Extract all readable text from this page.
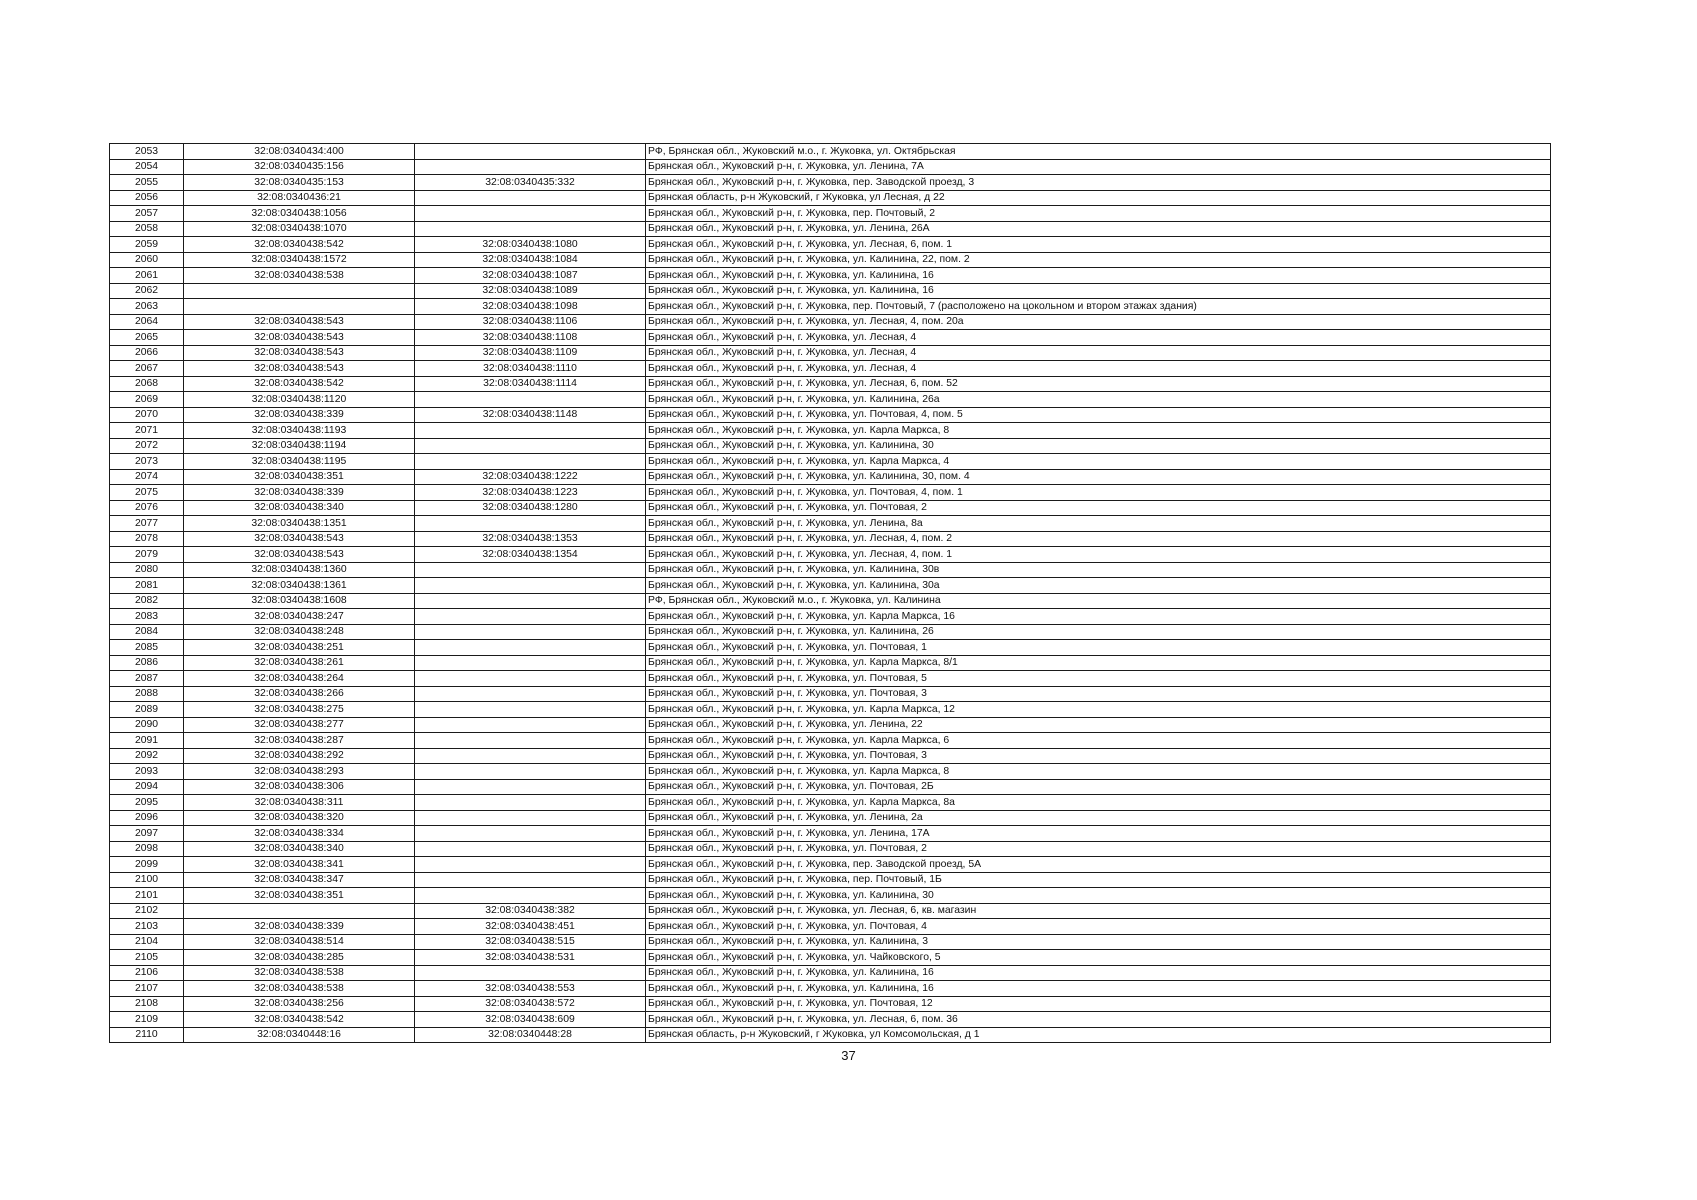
2053	32:08:0340434:400		РФ, Брянская обл., Жуковский м.о., г. Жуковка, ул. Октябрьская
2054	32:08:0340435:156		Брянская обл., Жуковский р-н, г. Жуковка, ул. Ленина, 7А
2055	32:08:0340435:153	32:08:0340435:332	Брянская обл., Жуковский р-н, г. Жуковка, пер. Заводской проезд, 3
2056	32:08:0340436:21		Брянская область, р-н Жуковский, г Жуковка, ул Лесная, д 22
2057	32:08:0340438:1056		Брянская обл., Жуковский р-н, г. Жуковка, пер. Почтовый, 2
2058	32:08:0340438:1070		Брянская обл., Жуковский р-н, г. Жуковка, ул. Ленина, 26А
2059	32:08:0340438:542	32:08:0340438:1080	Брянская обл., Жуковский р-н, г. Жуковка, ул. Лесная, 6, пом. 1
2060	32:08:0340438:1572	32:08:0340438:1084	Брянская обл., Жуковский р-н, г. Жуковка, ул. Калинина, 22, пом. 2
2061	32:08:0340438:538	32:08:0340438:1087	Брянская обл., Жуковский р-н, г. Жуковка, ул. Калинина, 16
2062		32:08:0340438:1089	Брянская обл., Жуковский р-н, г. Жуковка, ул. Калинина, 16
2063		32:08:0340438:1098	Брянская обл., Жуковский р-н, г. Жуковка, пер. Почтовый, 7 (расположено на цокольном и втором этажах здания)
2064	32:08:0340438:543	32:08:0340438:1106	Брянская обл., Жуковский р-н, г. Жуковка, ул. Лесная, 4, пом. 20а
2065	32:08:0340438:543	32:08:0340438:1108	Брянская обл., Жуковский р-н, г. Жуковка, ул. Лесная, 4
2066	32:08:0340438:543	32:08:0340438:1109	Брянская обл., Жуковский р-н, г. Жуковка, ул. Лесная, 4
2067	32:08:0340438:543	32:08:0340438:1110	Брянская обл., Жуковский р-н, г. Жуковка, ул. Лесная, 4
2068	32:08:0340438:542	32:08:0340438:1114	Брянская обл., Жуковский р-н, г. Жуковка, ул. Лесная, 6, пом. 52
2069	32:08:0340438:1120		Брянская обл., Жуковский р-н, г. Жуковка, ул. Калинина, 26а
2070	32:08:0340438:339	32:08:0340438:1148	Брянская обл., Жуковский р-н, г. Жуковка, ул. Почтовая, 4, пом. 5
2071	32:08:0340438:1193		Брянская обл., Жуковский р-н, г. Жуковка, ул. Карла Маркса, 8
2072	32:08:0340438:1194		Брянская обл., Жуковский р-н, г. Жуковка, ул. Калинина, 30
2073	32:08:0340438:1195		Брянская обл., Жуковский р-н, г. Жуковка, ул. Карла Маркса, 4
2074	32:08:0340438:351	32:08:0340438:1222	Брянская обл., Жуковский р-н, г. Жуковка, ул. Калинина, 30, пом. 4
2075	32:08:0340438:339	32:08:0340438:1223	Брянская обл., Жуковский р-н, г. Жуковка, ул. Почтовая, 4, пом. 1
2076	32:08:0340438:340	32:08:0340438:1280	Брянская обл., Жуковский р-н, г. Жуковка, ул. Почтовая, 2
2077	32:08:0340438:1351		Брянская обл., Жуковский р-н, г. Жуковка, ул. Ленина, 8а
2078	32:08:0340438:543	32:08:0340438:1353	Брянская обл., Жуковский р-н, г. Жуковка, ул. Лесная, 4, пом. 2
2079	32:08:0340438:543	32:08:0340438:1354	Брянская обл., Жуковский р-н, г. Жуковка, ул. Лесная, 4, пом. 1
2080	32:08:0340438:1360		Брянская обл., Жуковский р-н, г. Жуковка, ул. Калинина, 30в
2081	32:08:0340438:1361		Брянская обл., Жуковский р-н, г. Жуковка, ул. Калинина, 30а
2082	32:08:0340438:1608		РФ, Брянская обл., Жуковский м.о., г. Жуковка, ул. Калинина
2083	32:08:0340438:247		Брянская обл., Жуковский р-н, г. Жуковка, ул. Карла Маркса, 16
2084	32:08:0340438:248		Брянская обл., Жуковский р-н, г. Жуковка, ул. Калинина, 26
2085	32:08:0340438:251		Брянская обл., Жуковский р-н, г. Жуковка, ул. Почтовая, 1
2086	32:08:0340438:261		Брянская обл., Жуковский р-н, г. Жуковка, ул. Карла Маркса, 8/1
2087	32:08:0340438:264		Брянская обл., Жуковский р-н, г. Жуковка, ул. Почтовая, 5
2088	32:08:0340438:266		Брянская обл., Жуковский р-н, г. Жуковка, ул. Почтовая, 3
2089	32:08:0340438:275		Брянская обл., Жуковский р-н, г. Жуковка, ул. Карла Маркса, 12
2090	32:08:0340438:277		Брянская обл., Жуковский р-н, г. Жуковка, ул. Ленина, 22
2091	32:08:0340438:287		Брянская обл., Жуковский р-н, г. Жуковка, ул. Карла Маркса, 6
2092	32:08:0340438:292		Брянская обл., Жуковский р-н, г. Жуковка, ул. Почтовая, 3
2093	32:08:0340438:293		Брянская обл., Жуковский р-н, г. Жуковка, ул. Карла Маркса, 8
2094	32:08:0340438:306		Брянская обл., Жуковский р-н, г. Жуковка, ул. Почтовая, 2Б
2095	32:08:0340438:311		Брянская обл., Жуковский р-н, г. Жуковка, ул. Карла Маркса, 8а
2096	32:08:0340438:320		Брянская обл., Жуковский р-н, г. Жуковка, ул. Ленина, 2а
2097	32:08:0340438:334		Брянская обл., Жуковский р-н, г. Жуковка, ул. Ленина, 17А
2098	32:08:0340438:340		Брянская обл., Жуковский р-н, г. Жуковка, ул. Почтовая, 2
2099	32:08:0340438:341		Брянская обл., Жуковский р-н, г. Жуковка, пер. Заводской проезд, 5А
2100	32:08:0340438:347		Брянская обл., Жуковский р-н, г. Жуковка, пер. Почтовый, 1Б
2101	32:08:0340438:351		Брянская обл., Жуковский р-н, г. Жуковка, ул. Калинина, 30
2102		32:08:0340438:382	Брянская обл., Жуковский р-н, г. Жуковка, ул. Лесная, 6, кв. магазин
2103	32:08:0340438:339	32:08:0340438:451	Брянская обл., Жуковский р-н, г. Жуковка, ул. Почтовая, 4
2104	32:08:0340438:514	32:08:0340438:515	Брянская обл., Жуковский р-н, г. Жуковка, ул. Калинина, 3
2105	32:08:0340438:285	32:08:0340438:531	Брянская обл., Жуковский р-н, г. Жуковка, ул. Чайковского, 5
2106	32:08:0340438:538		Брянская обл., Жуковский р-н, г. Жуковка, ул. Калинина, 16
2107	32:08:0340438:538	32:08:0340438:553	Брянская обл., Жуковский р-н, г. Жуковка, ул. Калинина, 16
2108	32:08:0340438:256	32:08:0340438:572	Брянская обл., Жуковский р-н, г. Жуковка, ул. Почтовая, 12
2109	32:08:0340438:542	32:08:0340438:609	Брянская обл., Жуковский р-н, г. Жуковка, ул. Лесная, 6, пом. 36
2110	32:08:0340448:16	32:08:0340448:28	Брянская область, р-н Жуковский, г Жуковка, ул Комсомольская, д 1
37
